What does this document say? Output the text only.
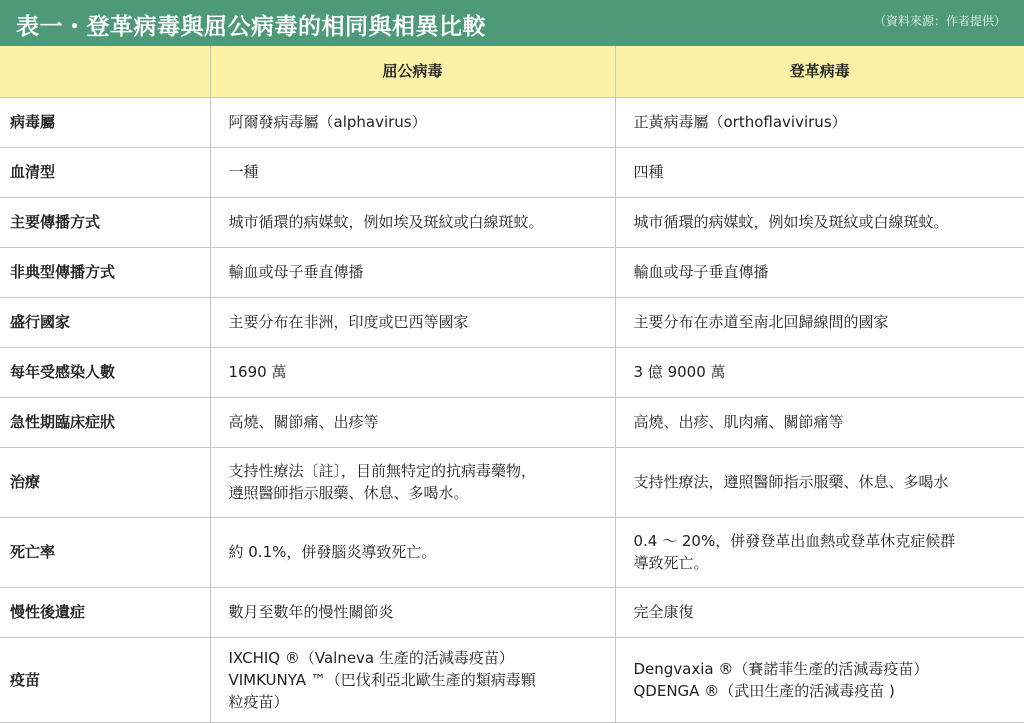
表一・登革病毒與屈公病毒的相同與相異比較	（資料來源：作者提供）
	屈公病毒	登革病毒
病毒屬	阿爾發病毒屬（alphavirus）	正黃病毒屬（orthoflavivirus）

血清型	一種	四種

主要傳播方式	城市循環的病媒蚊，例如埃及斑紋或白線斑蚊。	城市循環的病媒蚊，例如埃及斑紋或白線斑蚊。

非典型傳播方式	輸血或母子垂直傳播	輸血或母子垂直傳播

盛行國家	主要分布在非洲，印度或巴西等國家	主要分布在赤道至南北回歸線間的國家

每年受感染人數	1690 萬	3 億 9000 萬

急性期臨床症狀	高燒、關節痛、出疹等	高燒、出疹、肌肉痛、關節痛等

治療	支持性療法〔註〕，目前無特定的抗病毒藥物，
遵照醫師指示服藥、休息、多喝水。	支持性療法，遵照醫師指示服藥、休息、多喝水

死亡率	約 0.1%，併發腦炎導致死亡。	0.4 ～ 20%，併發登革出血熱或登革休克症候群
導致死亡。

慢性後遺症	數月至數年的慢性關節炎	完全康復

疫苗	IXCHIQ ®（Valneva 生產的活減毒疫苗）
VIMKUNYA ™（巴伐利亞北歐生產的類病毒顆
粒疫苗）	Dengvaxia ®（賽諾菲生產的活減毒疫苗）
QDENGA ®（武田生產的活減毒疫苗 )
